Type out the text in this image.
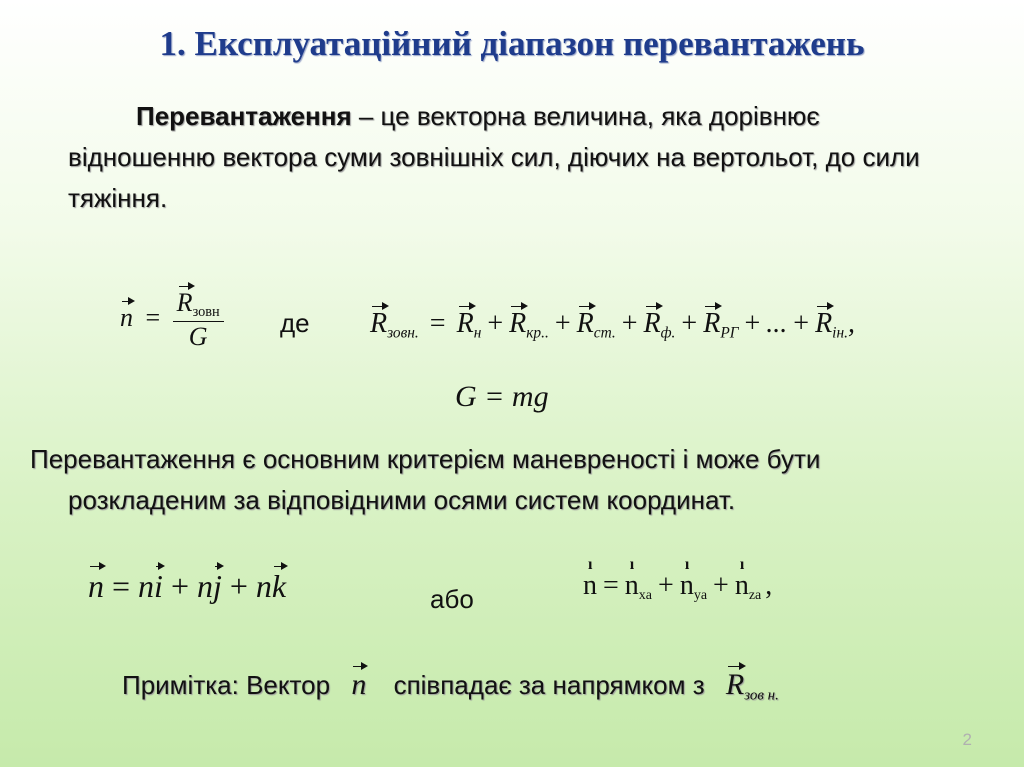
1. Експлуатаційний діапазон перевантажень
Перевантаження – це векторна величина, яка дорівнює відношенню вектора суми зовнішніх сил, діючих на вертольот, до сили тяжіння.
$n = \frac{R_{зовн}}{G}$ де $R_{зовн.} = R_н + R_{кр..} + R_{ст.} + R_{ф.} + R_{РГ}$ + ... + $R_{ін.}$,
G = mg
Перевантаження є основним критерієм маневреності і може бути
розкладеним за відповідними осями систем координат.
n = ni + nj + nk	або
ı
n =
ı
$n_{xa}$ +
ı
$n_{ya}$ +
ı
$n_{za}$ ,
Примітка: Вектор n співпадає за напрямком з $R_{зов н.}$
2
